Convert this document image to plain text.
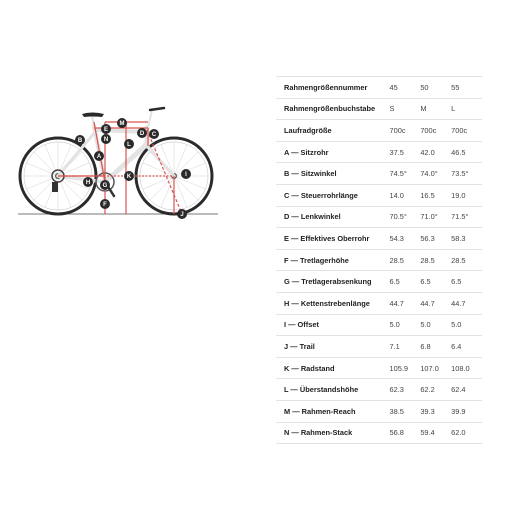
A
B
C
D
E
F
G
H
I
J
K
L
M
N
Rahmengrößennummer	45	50	55
Rahmengrößenbuchstabe	S	M	L
Laufradgröße	700c	700c	700c
A — Sitzrohr	37.5	42.0	46.5
B — Sitzwinkel	74.5°	74.0°	73.5°
C — Steuerrohrlänge	14.0	16.5	19.0
D — Lenkwinkel	70.5°	71.0°	71.5°
E — Effektives Oberrohr	54.3	56.3	58.3
F — Tretlagerhöhe	28.5	28.5	28.5
G — Tretlagerabsenkung	6.5	6.5	6.5
H — Kettenstrebenlänge	44.7	44.7	44.7
I — Offset	5.0	5.0	5.0
J — Trail	7.1	6.8	6.4
K — Radstand	105.9	107.0	108.0
L — Überstandshöhe	62.3	62.2	62.4
M — Rahmen-Reach	38.5	39.3	39.9
N — Rahmen-Stack	56.8	59.4	62.0
